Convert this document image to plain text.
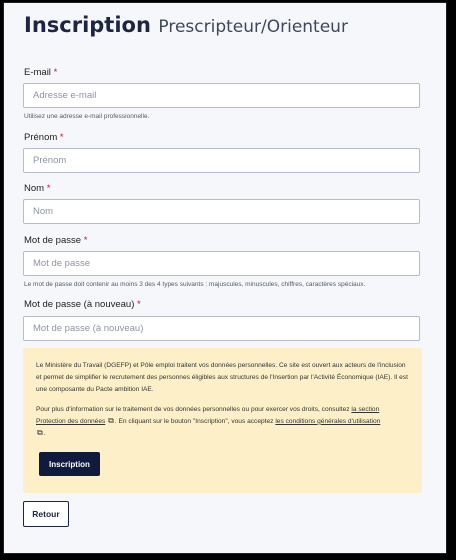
Inscription Prescripteur/Orienteur
E-mail *
Adresse e-mail
Utilisez une adresse e-mail professionnelle.
Prénom *
Prénom
Nom *
Nom
Mot de passe *
Le mot de passe doit contenir au moins 3 des 4 types suivants : majuscules, minuscules, chiffres, caractères spéciaux.
Mot de passe (à nouveau) *

Le Ministère du Travail (DGEFP) et Pôle emploi traitent vos données personnelles. Ce site est ouvert aux acteurs de l'inclusion et permet de simplifier le recrutement des personnes éligibles aux structures de l'Insertion par l'Activité Économique (IAE). Il est une composante du Pacte ambition IAE.

Pour plus d'information sur le traitement de vos données personnelles ou pour exercer vos droits, consultez la section Protection des données ⧉. En cliquant sur le bouton "Inscription", vous acceptez les conditions générales d'utilisation
⧉.

Inscription
Retour
